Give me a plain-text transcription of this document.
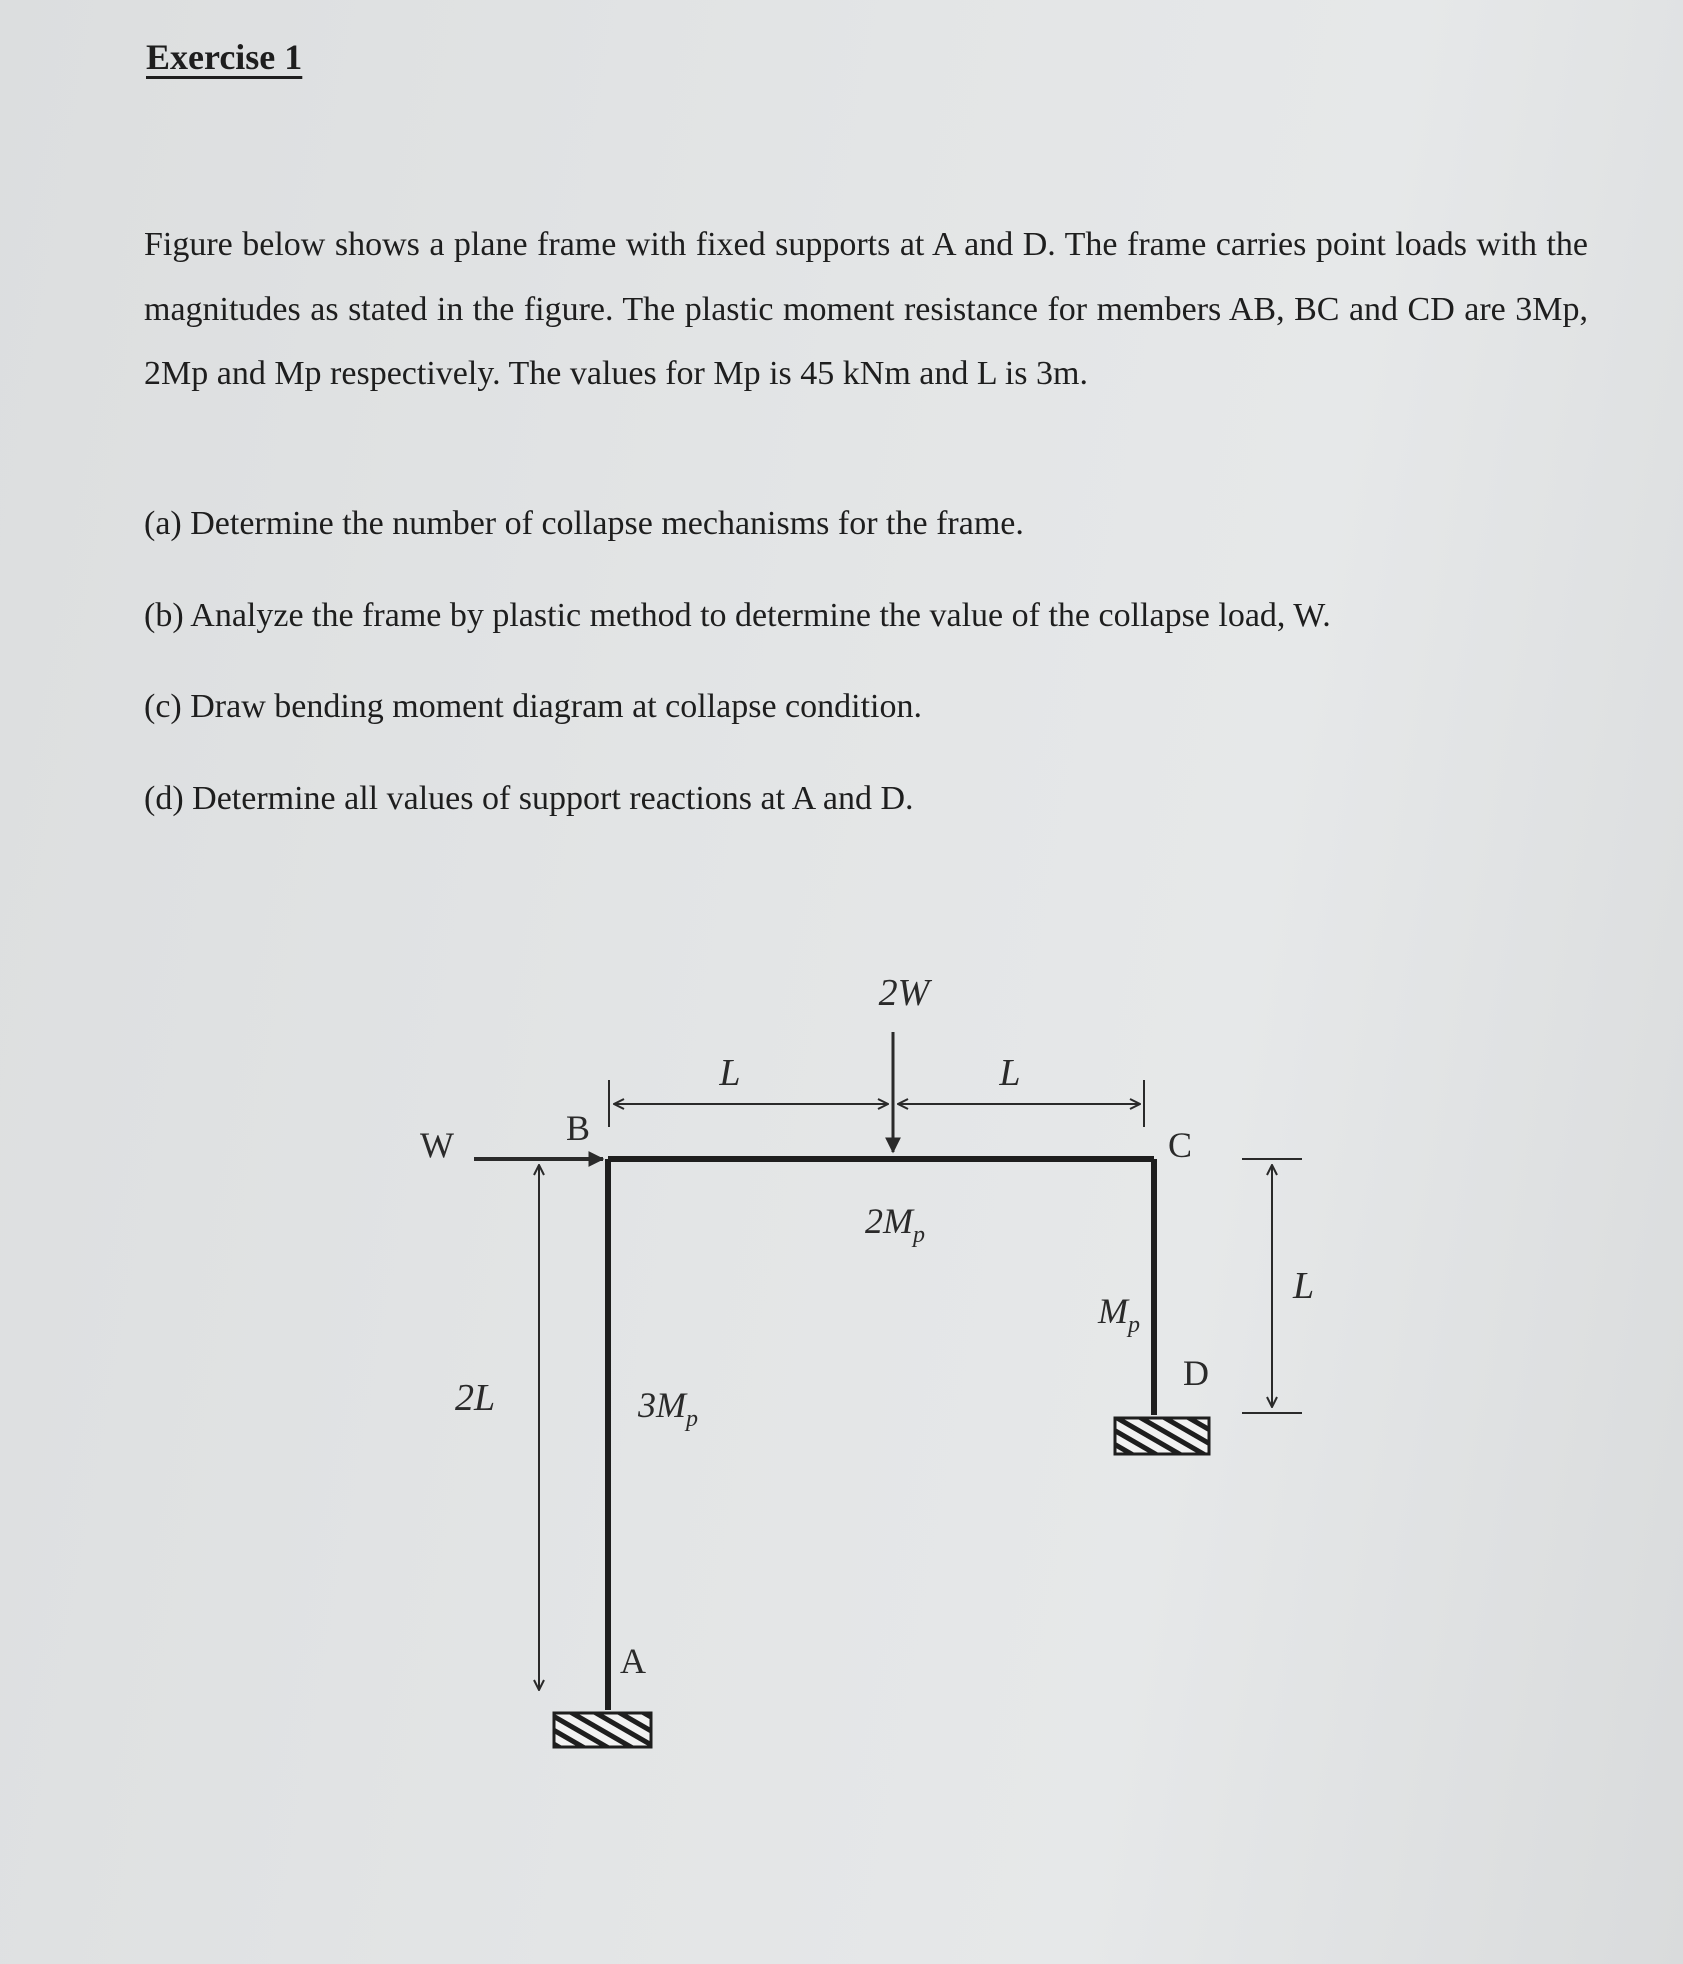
Exercise 1
Figure below shows a plane frame with fixed supports at A and D. The frame carries point loads with the magnitudes as stated in the figure. The plastic moment resistance for members AB, BC and CD are 3Mp, 2Mp and Mp respectively. The values for Mp is 45 kNm and L is 3m.
(a) Determine the number of collapse mechanisms for the frame.
(b) Analyze the frame by plastic method to determine the value of the collapse load, W.
(c) Draw bending moment diagram at collapse condition.
(d) Determine all values of support reactions at A and D.
2W
W
L	L
B	C
A
D
$2M_p$
$3M_p$
$M_p$
2L
L
